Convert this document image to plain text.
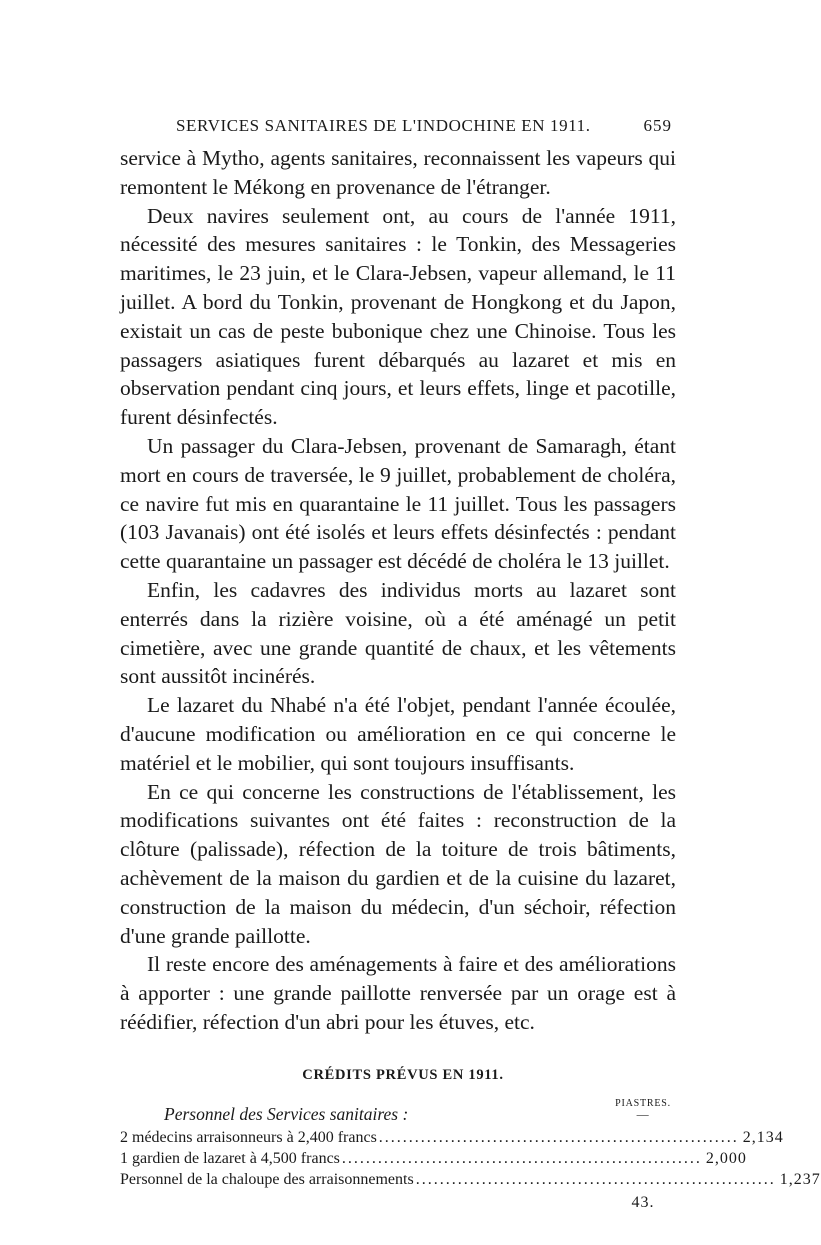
SERVICES SANITAIRES DE L'INDOCHINE EN 1911.	659

service à Mytho, agents sanitaires, reconnaissent les vapeurs qui remontent le Mékong en provenance de l'étranger.

Deux navires seulement ont, au cours de l'année 1911, nécessité des mesures sanitaires : le Tonkin, des Messageries maritimes, le 23 juin, et le Clara-Jebsen, vapeur allemand, le 11 juillet. A bord du Tonkin, provenant de Hongkong et du Japon, existait un cas de peste bubonique chez une Chinoise. Tous les passagers asiatiques furent débarqués au lazaret et mis en observation pendant cinq jours, et leurs effets, linge et pacotille, furent désinfectés.

Un passager du Clara-Jebsen, provenant de Samaragh, étant mort en cours de traversée, le 9 juillet, probablement de choléra, ce navire fut mis en quarantaine le 11 juillet. Tous les passagers (103 Javanais) ont été isolés et leurs effets désinfectés : pendant cette quarantaine un passager est décédé de choléra le 13 juillet.

Enfin, les cadavres des individus morts au lazaret sont enterrés dans la rizière voisine, où a été aménagé un petit cimetière, avec une grande quantité de chaux, et les vêtements sont aussitôt incinérés.

Le lazaret du Nhabé n'a été l'objet, pendant l'année écoulée, d'aucune modification ou amélioration en ce qui concerne le matériel et le mobilier, qui sont toujours insuffisants.

En ce qui concerne les constructions de l'établissement, les modifications suivantes ont été faites : reconstruction de la clôture (palissade), réfection de la toiture de trois bâtiments, achèvement de la maison du gardien et de la cuisine du lazaret, construction de la maison du médecin, d'un séchoir, réfection d'une grande paillotte.

Il reste encore des aménagements à faire et des améliorations à apporter : une grande paillotte renversée par un orage est à réédifier, réfection d'un abri pour les étuves, etc.

CRÉDITS PRÉVUS EN 1911.
Personnel des Services sanitaires :
PIASTRES.
—
2 médecins arraisonneurs à 2,400 francs ............................................................ 2,134
1 gardien de lazaret à 4,500 francs ............................................................ 2,000
Personnel de la chaloupe des arraisonnements ............................................................ 1,237
43.
